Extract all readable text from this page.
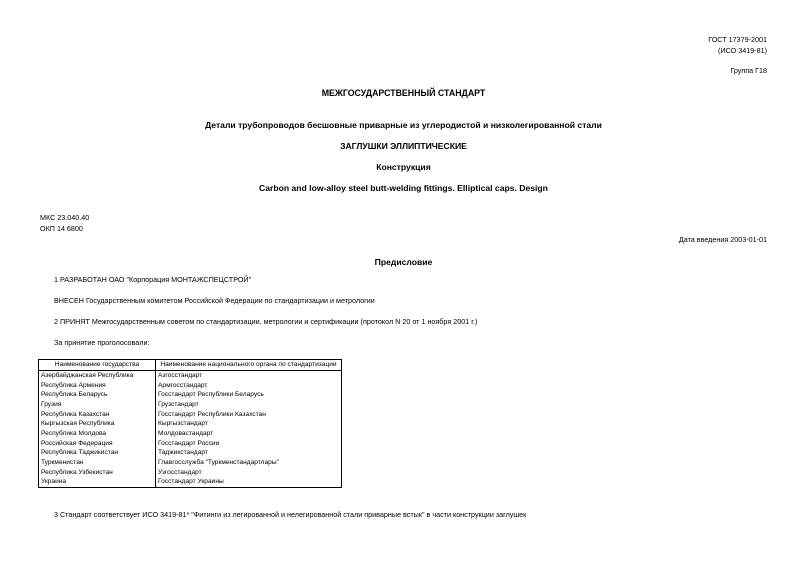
ГОСТ 17379-2001
(ИСО 3419-81)
Группа Г18
МЕЖГОСУДАРСТВЕННЫЙ СТАНДАРТ
Детали трубопроводов бесшовные приварные из углеродистой и низколегированной стали
ЗАГЛУШКИ ЭЛЛИПТИЧЕСКИЕ
Конструкция
Carbon and low-alloy steel butt-welding fittings. Elliptical caps. Design
МКС 23.040.40
ОКП 14 6800
Дата введения 2003-01-01
Предисловие
1 РАЗРАБОТАН ОАО "Корпорация МОНТАЖСПЕЦСТРОЙ"
ВНЕСЕН Государственным комитетом Российской Федерации по стандартизации и метрологии
2 ПРИНЯТ Межгосударственным советом по стандартизации, метрологии и сертификации (протокол N 20 от 1 ноября 2001 г.)
За принятие проголосовали:
Наименование государства	Наименование национального органа по стандартизации
Азербайджанская Республика	Азгосстандарт
Республика Армения	Армгосстандарт
Республика Беларусь	Госстандарт Республики Беларусь
Грузия	Грузстандарт
Республика Казахстан	Госстандарт Республики Казахстан
Кыргызская Республика	Кыргызстандарт
Республика Молдова	Молдовастандарт
Российская Федерация	Госстандарт России
Республика Таджикистан	Таджикстандарт
Туркменистан	Главгосслужба "Туркменстандартлары"
Республика Узбекистан	Узгосстандарт
Украина	Госстандарт Украины
3 Стандарт соответствует ИСО 3419-81* "Фитинги из легированной и нелегированной стали приварные встык" в части конструкции заглушек
